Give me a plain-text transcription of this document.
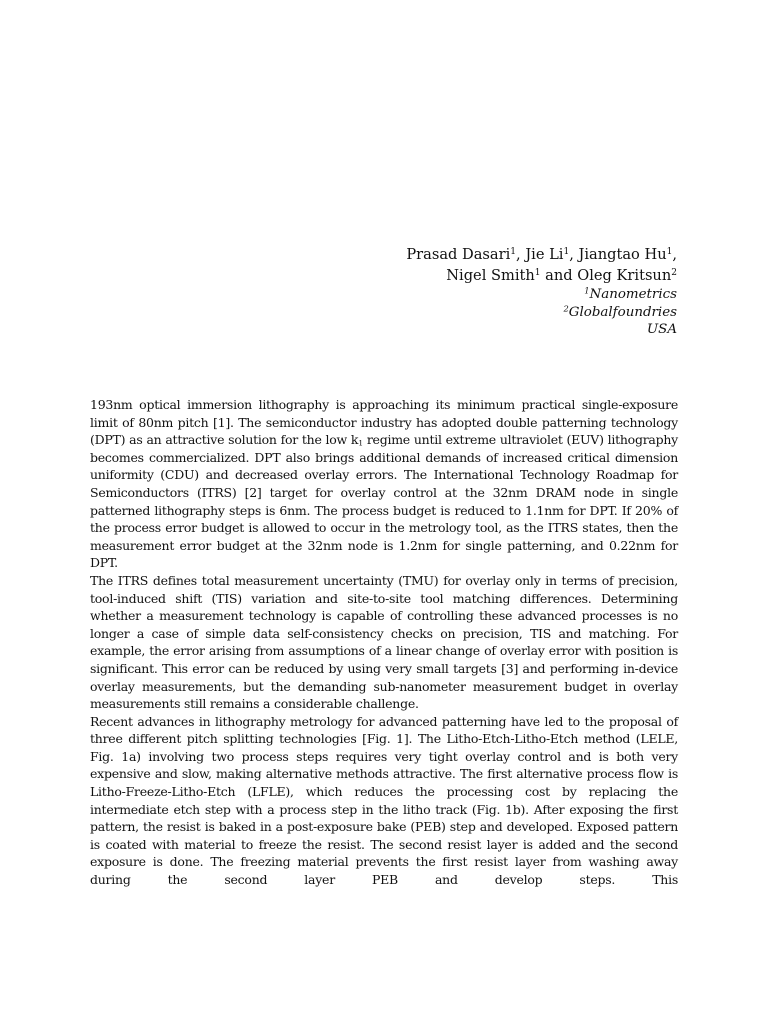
Prasad Dasari$^1$, Jie Li$^1$, Jiangtao Hu$^1$,
Nigel Smith$^1$ and Oleg Kritsun$^2$
$^1$Nanometrics
$^2$Globalfoundries
USA

193nm optical immersion lithography is approaching its minimum practical single-exposure limit of 80nm pitch [1]. The semiconductor industry has adopted double patterning technology (DPT) as an attractive solution for the low $k_1$ regime until extreme ultraviolet (EUV) lithography becomes commercialized. DPT also brings additional demands of increased critical dimension uniformity (CDU) and decreased overlay errors. The International Technology Roadmap for Semiconductors (ITRS) [2] target for overlay control at the 32nm DRAM node in single patterned lithography steps is 6nm. The process budget is reduced to 1.1nm for DPT. If 20% of the process error budget is allowed to occur in the metrology tool, as the ITRS states, then the measurement error budget at the 32nm node is 1.2nm for single patterning, and 0.22nm for DPT.

The ITRS defines total measurement uncertainty (TMU) for overlay only in terms of precision, tool-induced shift (TIS) variation and site-to-site tool matching differences. Determining whether a measurement technology is capable of controlling these advanced processes is no longer a case of simple data self-consistency checks on precision, TIS and matching. For example, the error arising from assumptions of a linear change of overlay error with position is significant. This error can be reduced by using very small targets [3] and performing in-device overlay measurements, but the demanding sub-nanometer measurement budget in overlay measurements still remains a considerable challenge.

Recent advances in lithography metrology for advanced patterning have led to the proposal of three different pitch splitting technologies [Fig. 1]. The Litho-Etch-Litho-Etch method (LELE, Fig. 1a) involving two process steps requires very tight overlay control and is both very expensive and slow, making alternative methods attractive. The first alternative process flow is Litho-Freeze-Litho-Etch (LFLE), which reduces the processing cost by replacing the intermediate etch step with a process step in the litho track (Fig. 1b). After exposing the first pattern, the resist is baked in a post-exposure bake (PEB) step and developed. Exposed pattern is coated with material to freeze the resist. The second resist layer is added and the second exposure is done. The freezing material prevents the first resist layer from washing away during the second layer PEB and develop steps. This
